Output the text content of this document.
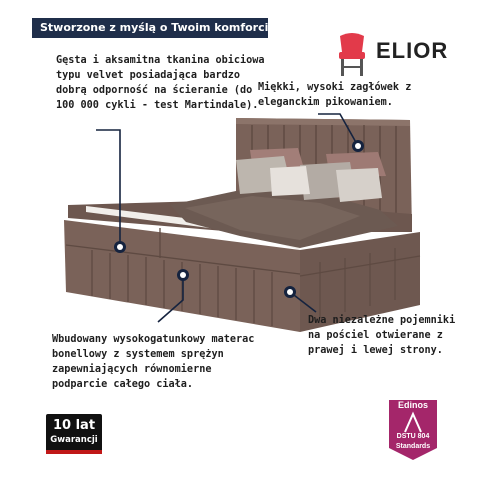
Stworzone z myślą o Twoim komforcie
ELIOR
Gęsta i aksamitna tkanina obiciowa typu velvet posiadająca bardzo dobrą odporność na ścieranie (do 100 000 cykli - test Martindale).
Miękki, wysoki zagłówek z eleganckim pikowaniem.
Wbudowany wysokogatunkowy materac bonellowy z systemem sprężyn zapewniających równomierne podparcie całego ciała.
Dwa niezależne pojemniki na pościel otwierane z prawej i lewej strony.
10 lat
Gwarancji
Edinos
DSTU 804
Standards
